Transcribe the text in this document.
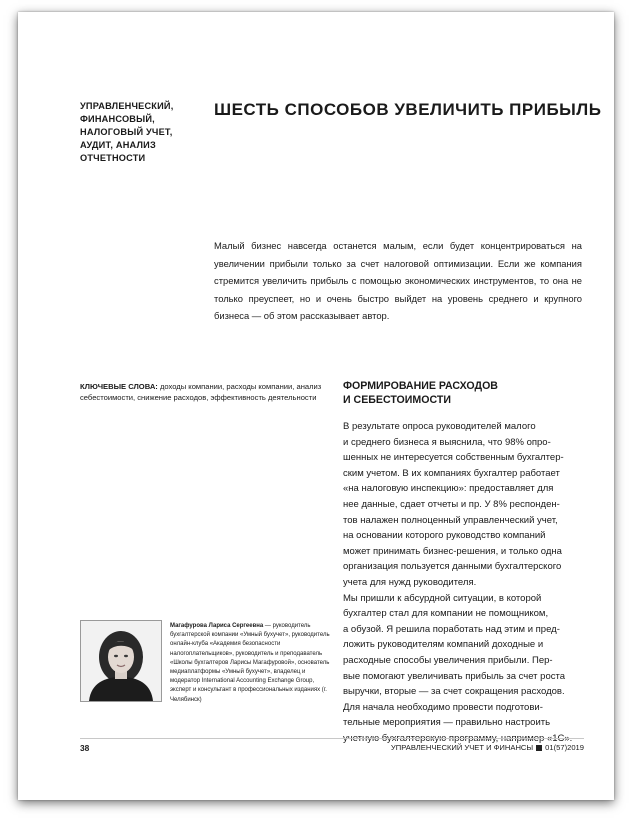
УПРАВЛЕНЧЕСКИЙ,
ФИНАНСОВЫЙ,
НАЛОГОВЫЙ УЧЕТ,
АУДИТ, АНАЛИЗ
ОТЧЕТНОСТИ
ШЕСТЬ СПОСОБОВ УВЕЛИЧИТЬ ПРИБЫЛЬ

Малый бизнес навсегда останется малым, если будет концентрироваться на увеличении прибыли только за счет налоговой оптимизации. Если же компания стремится увеличить прибыль с помощью экономических инструментов, то она не только преуспеет, но и очень быстро выйдет на уровень среднего и крупного бизнеса — об этом рассказывает автор.

КЛЮЧЕВЫЕ СЛОВА: доходы компании, расходы компании, анализ себестоимости, снижение расходов, эффективность деятельности

ФОРМИРОВАНИЕ РАСХОДОВ
И СЕБЕСТОИМОСТИ
В результате опроса руководителей малого
и среднего бизнеса я выяснила, что 98% опро-
шенных не интересуется собственным бухгалтер-
ским учетом. В их компаниях бухгалтер работает
«на налоговую инспекцию»: предоставляет для
нее данные, сдает отчеты и пр. У 8% респонден-
тов налажен полноценный управленческий учет,
на основании которого руководство компаний
может принимать бизнес-решения, и только одна
организация пользуется данными бухгалтерского
учета для нужд руководителя.
Мы пришли к абсурдной ситуации, в которой
бухгалтер стал для компании не помощником,
а обузой. Я решила поработать над этим и пред-
ложить руководителям компаний доходные и
расходные способы увеличения прибыли. Пер-
вые помогают увеличивать прибыль за счет роста
выручки, вторые — за счет сокращения расходов.
Для начала необходимо провести подготови-
тельные мероприятия — правильно настроить
учетную бухгалтерскую программу, например «1С».

Магафурова Лариса Сергеевна — руководитель бухгалтерской компании «Умный бухучет», руководитель онлайн-клуба «Академия безопасности налогоплательщиков», руководитель и преподаватель «Школы бухгалтеров Ларисы Магафуровой», основатель медиаплатформы «Умный бухучет», владелец и модератор International Accounting Exchange Group, эксперт и консультант в профессиональных изданиях (г. Челябинск)

38	УПРАВЛЕНЧЕСКИЙ УЧЕТ И ФИНАНСЫ 01(57)2019
